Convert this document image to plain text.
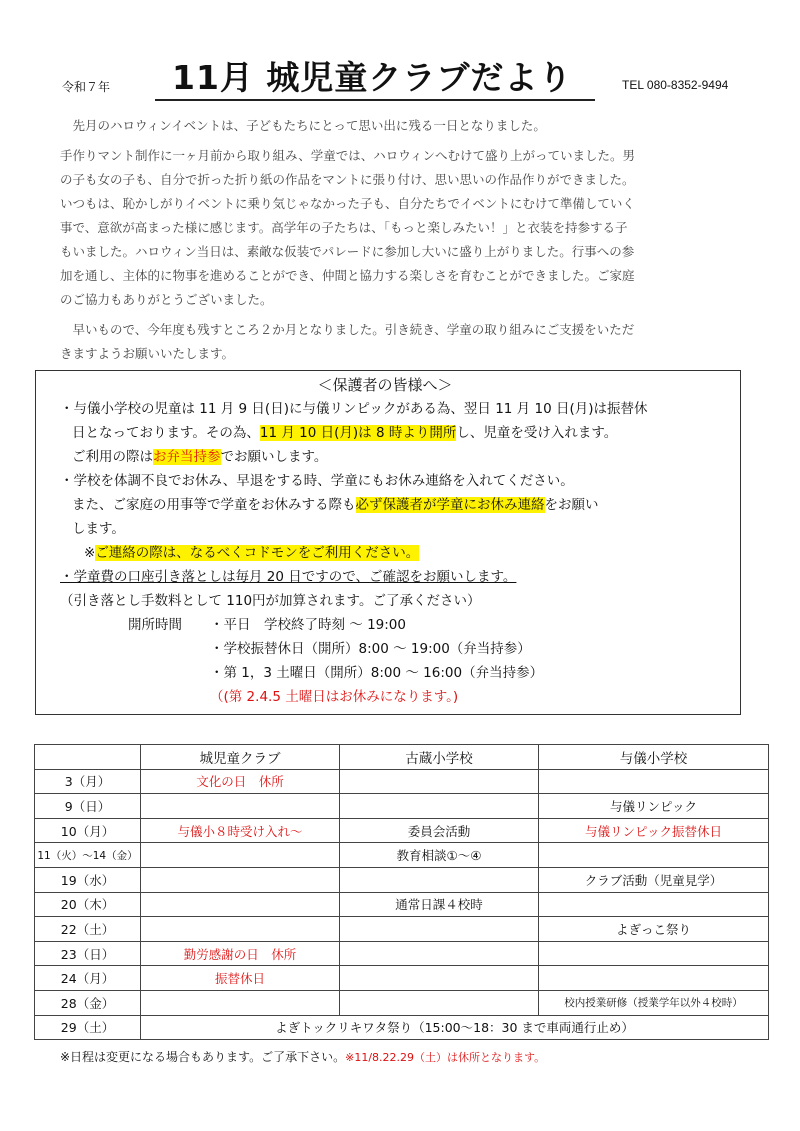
令和７年 11月 城児童クラブだより	TEL 080-8352-9494

　先月のハロウィンイベントは、子どもたちにとって思い出に残る一日となりました。

手作りマント制作に一ヶ月前から取り組み、学童では、ハロウィンへむけて盛り上がっていました。男
の子も女の子も、自分で折った折り紙の作品をマントに張り付け、思い思いの作品作りができました。
いつもは、恥かしがりイベントに乗り気じゃなかった子も、自分たちでイベントにむけて準備していく
事で、意欲が高まった様に感じます。高学年の子たちは、「もっと楽しみたい！」と衣装を持参する子
もいました。ハロウィン当日は、素敵な仮装でパレードに参加し大いに盛り上がりました。行事への参
加を通し、主体的に物事を進めることができ、仲間と協力する楽しさを育むことができました。ご家庭
のご協力もありがとうございました。

　早いもので、今年度も残すところ２か月となりました。引き続き、学童の取り組みにご支援をいただ
きますようお願いいたします。

＜保護者の皆様へ＞
・与儀小学校の児童は 11 月 9 日(日)に与儀リンピックがある為、翌日 11 月 10 日(月)は振替休
日となっております。その為、11 月 10 日(月)は 8 時より開所し、児童を受け入れます。
ご利用の際はお弁当持参でお願いします。
・学校を体調不良でお休み、早退をする時、学童にもお休み連絡を入れてください。
また、ご家庭の用事等で学童をお休みする際も必ず保護者が学童にお休み連絡をお願い
します。
※ご連絡の際は、なるべくコドモンをご利用ください。
・学童費の口座引き落としは毎月 20 日ですので、ご確認をお願いします。
（引き落とし手数料として 110円が加算されます。ご了承ください）
開所時間 ・平日　学校終了時刻 ～ 19:00
・学校振替休日（開所）8:00 ～ 19:00（弁当持参）
・第 1，3 土曜日（開所）8:00 ～ 16:00（弁当持参）
（(第 2.4.5 土曜日はお休みになります。)
	城児童クラブ	古蔵小学校	与儀小学校
3（月）	文化の日　休所		
9（日）			与儀リンピック
10（月）	与儀小８時受け入れ～	委員会活動	与儀リンピック振替休日
11（火）～14（金）		教育相談①～④	
19（水）			クラブ活動（児童見学）
20（木）		通常日課４校時	
22（土）			よぎっこ祭り
23（日）	勤労感謝の日　休所		
24（月）	振替休日		
28（金）			校内授業研修（授業学年以外４校時）
29（土）	よぎトックリキワタ祭り（15:00～18：30 まで車両通行止め）		
※日程は変更になる場合もあります。ご了承下さい。※11/8.22.29（土）は休所となります。
